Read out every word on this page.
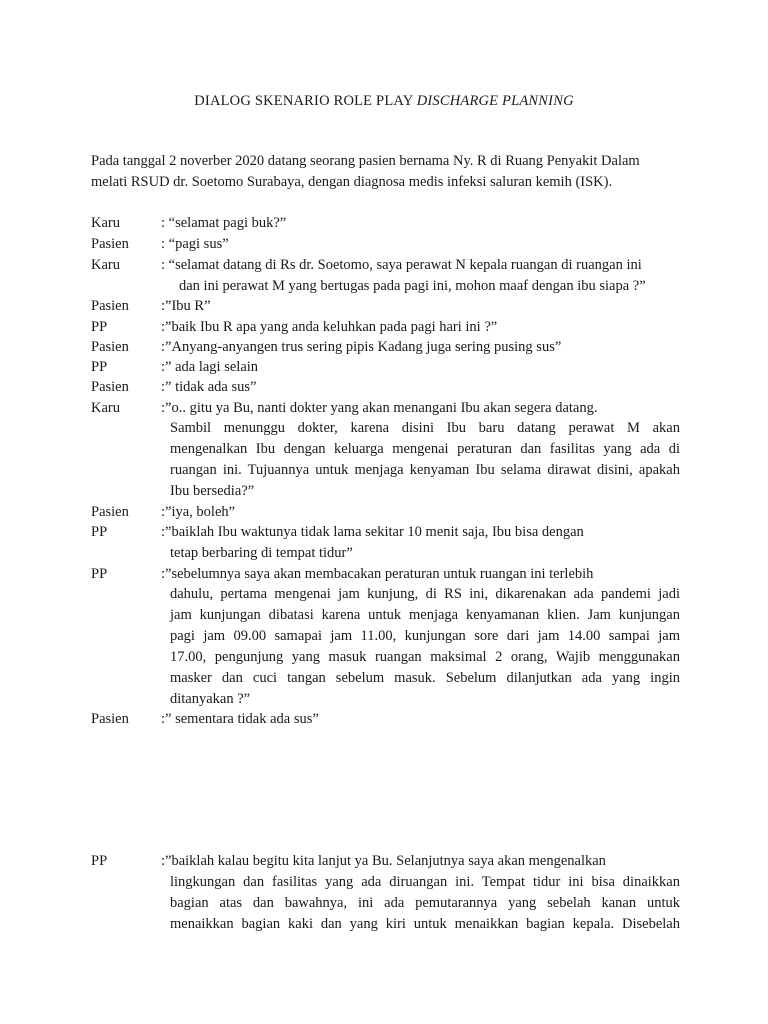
DIALOG SKENARIO ROLE PLAY DISCHARGE PLANNING
Pada tanggal 2 noverber 2020 datang seorang pasien bernama Ny. R di Ruang Penyakit Dalam
melati RSUD dr. Soetomo Surabaya, dengan diagnosa medis infeksi saluran kemih (ISK).
Karu	: “selamat pagi buk?”
Pasien : “pagi sus”
Karu	: “selamat datang di Rs dr. Soetomo, saya perawat N kepala ruangan di ruangan ini
dan ini perawat M yang bertugas pada pagi ini, mohon maaf dengan ibu siapa ?”
Pasien :”Ibu R”
PP	:”baik Ibu R apa yang anda keluhkan pada pagi hari ini ?”
Pasien :”Anyang-anyangen trus sering pipis Kadang juga sering pusing sus”
PP	:” ada lagi selain
Pasien :” tidak ada sus”
Karu	:”o.. gitu ya Bu, nanti dokter yang akan menangani Ibu akan segera datang.
Sambil menunggu dokter, karena disini Ibu baru datang perawat M akan
mengenalkan Ibu dengan keluarga mengenai peraturan dan fasilitas yang ada di
ruangan ini. Tujuannya untuk menjaga kenyaman Ibu selama dirawat disini, apakah
Ibu bersedia?”
Pasien :”iya, boleh”
PP	:”baiklah Ibu waktunya tidak lama sekitar 10 menit saja, Ibu bisa dengan
tetap berbaring di tempat tidur”
PP	:”sebelumnya saya akan membacakan peraturan untuk ruangan ini terlebih
dahulu, pertama mengenai jam kunjung, di RS ini, dikarenakan ada pandemi jadi
jam kunjungan dibatasi karena untuk menjaga kenyamanan klien. Jam kunjungan
pagi jam 09.00 samapai jam 11.00, kunjungan sore dari jam 14.00 sampai jam
17.00, pengunjung yang masuk ruangan maksimal 2 orang, Wajib menggunakan
masker dan cuci tangan sebelum masuk. Sebelum dilanjutkan ada yang ingin
ditanyakan ?”
Pasien :” sementara tidak ada sus”
PP	:”baiklah kalau begitu kita lanjut ya Bu. Selanjutnya saya akan mengenalkan
lingkungan dan fasilitas yang ada diruangan ini. Tempat tidur ini bisa dinaikkan
bagian atas dan bawahnya, ini ada pemutarannya yang sebelah kanan untuk
menaikkan bagian kaki dan yang kiri untuk menaikkan bagian kepala. Disebelah
